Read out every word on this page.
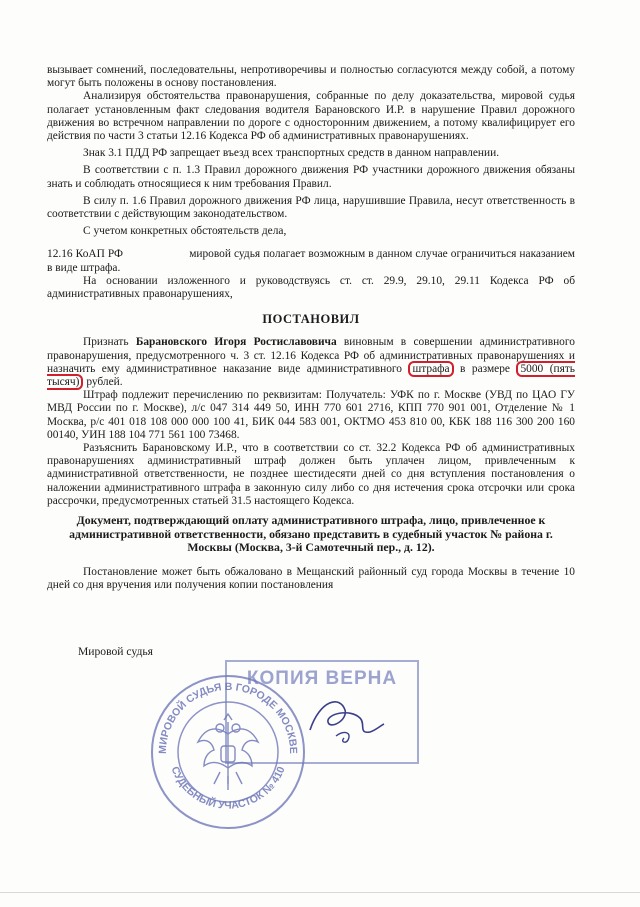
вызывает сомнений, последовательны, непротиворечивы и полностью согласуются между собой, а потому могут быть положены в основу постановления.

Анализируя обстоятельства правонарушения, собранные по делу доказательства, мировой судья полагает установленным факт следования водителя Барановского И.Р. в нарушение Правил дорожного движения во встречном направлении по дороге с односторонним движением, а потому квалифицирует его действия по части 3 статьи 12.16 Кодекса РФ об административных правонарушениях.

Знак 3.1 ПДД РФ запрещает въезд всех транспортных средств в данном направлении.

В соответствии с п. 1.3 Правил дорожного движения РФ участники дорожного движения обязаны знать и соблюдать относящиеся к ним требования Правил.

В силу п. 1.6 Правил дорожного движения РФ лица, нарушившие Правила, несут ответственность в соответствии с действующим законодательством.

С учетом конкретных обстоятельств дела,

12.16 КоАП РФ	мировой судья полагает возможным в данном случае ограничиться наказанием в виде штрафа.

На основании изложенного и руководствуясь ст. ст. 29.9, 29.10, 29.11 Кодекса РФ об административных правонарушениях,

ПОСТАНОВИЛ

Признать Барановского Игоря Ростиславовича виновным в совершении административного правонарушения, предусмотренного ч. 3 ст. 12.16 Кодекса РФ об административных правонарушениях и назначить ему административное наказание виде административного штрафа в размере 5000 (пять тысяч) рублей.

Штраф подлежит перечислению по реквизитам: Получатель: УФК по г. Москве (УВД по ЦАО ГУ МВД России по г. Москве), л/с 047 314 449 50, ИНН 770 601 2716, КПП 770 901 001, Отделение № 1 Москва, р/с 401 018 108 000 000 100 41, БИК 044 583 001, ОКТМО 453 810 00, КБК 188 116 300 200 160 00140, УИН 188 104 771 561 100 73468.

Разъяснить Барановскому И.Р., что в соответствии со ст. 32.2 Кодекса РФ об административных правонарушениях административный штраф должен быть уплачен лицом, привлеченным к административной ответственности, не позднее шестидесяти дней со дня вступления постановления о наложении административного штрафа в законную силу либо со дня истечения срока отсрочки или срока рассрочки, предусмотренных статьей 31.5 настоящего Кодекса.

Документ, подтверждающий оплату административного штрафа, лицо, привлеченное к административной ответственности, обязано представить в судебный участок № района г. Москвы (Москва, 3-й Самотечный пер., д. 12).

Постановление может быть обжаловано в Мещанский районный суд города Москвы в течение 10 дней со дня вручения или получения копии постановления

Мировой судья
КОПИЯ ВЕРНА
МИРОВОЙ СУДЬЯ В ГОРОДЕ МОСКВЕ
СУДЕБНЫЙ УЧАСТОК № 410
